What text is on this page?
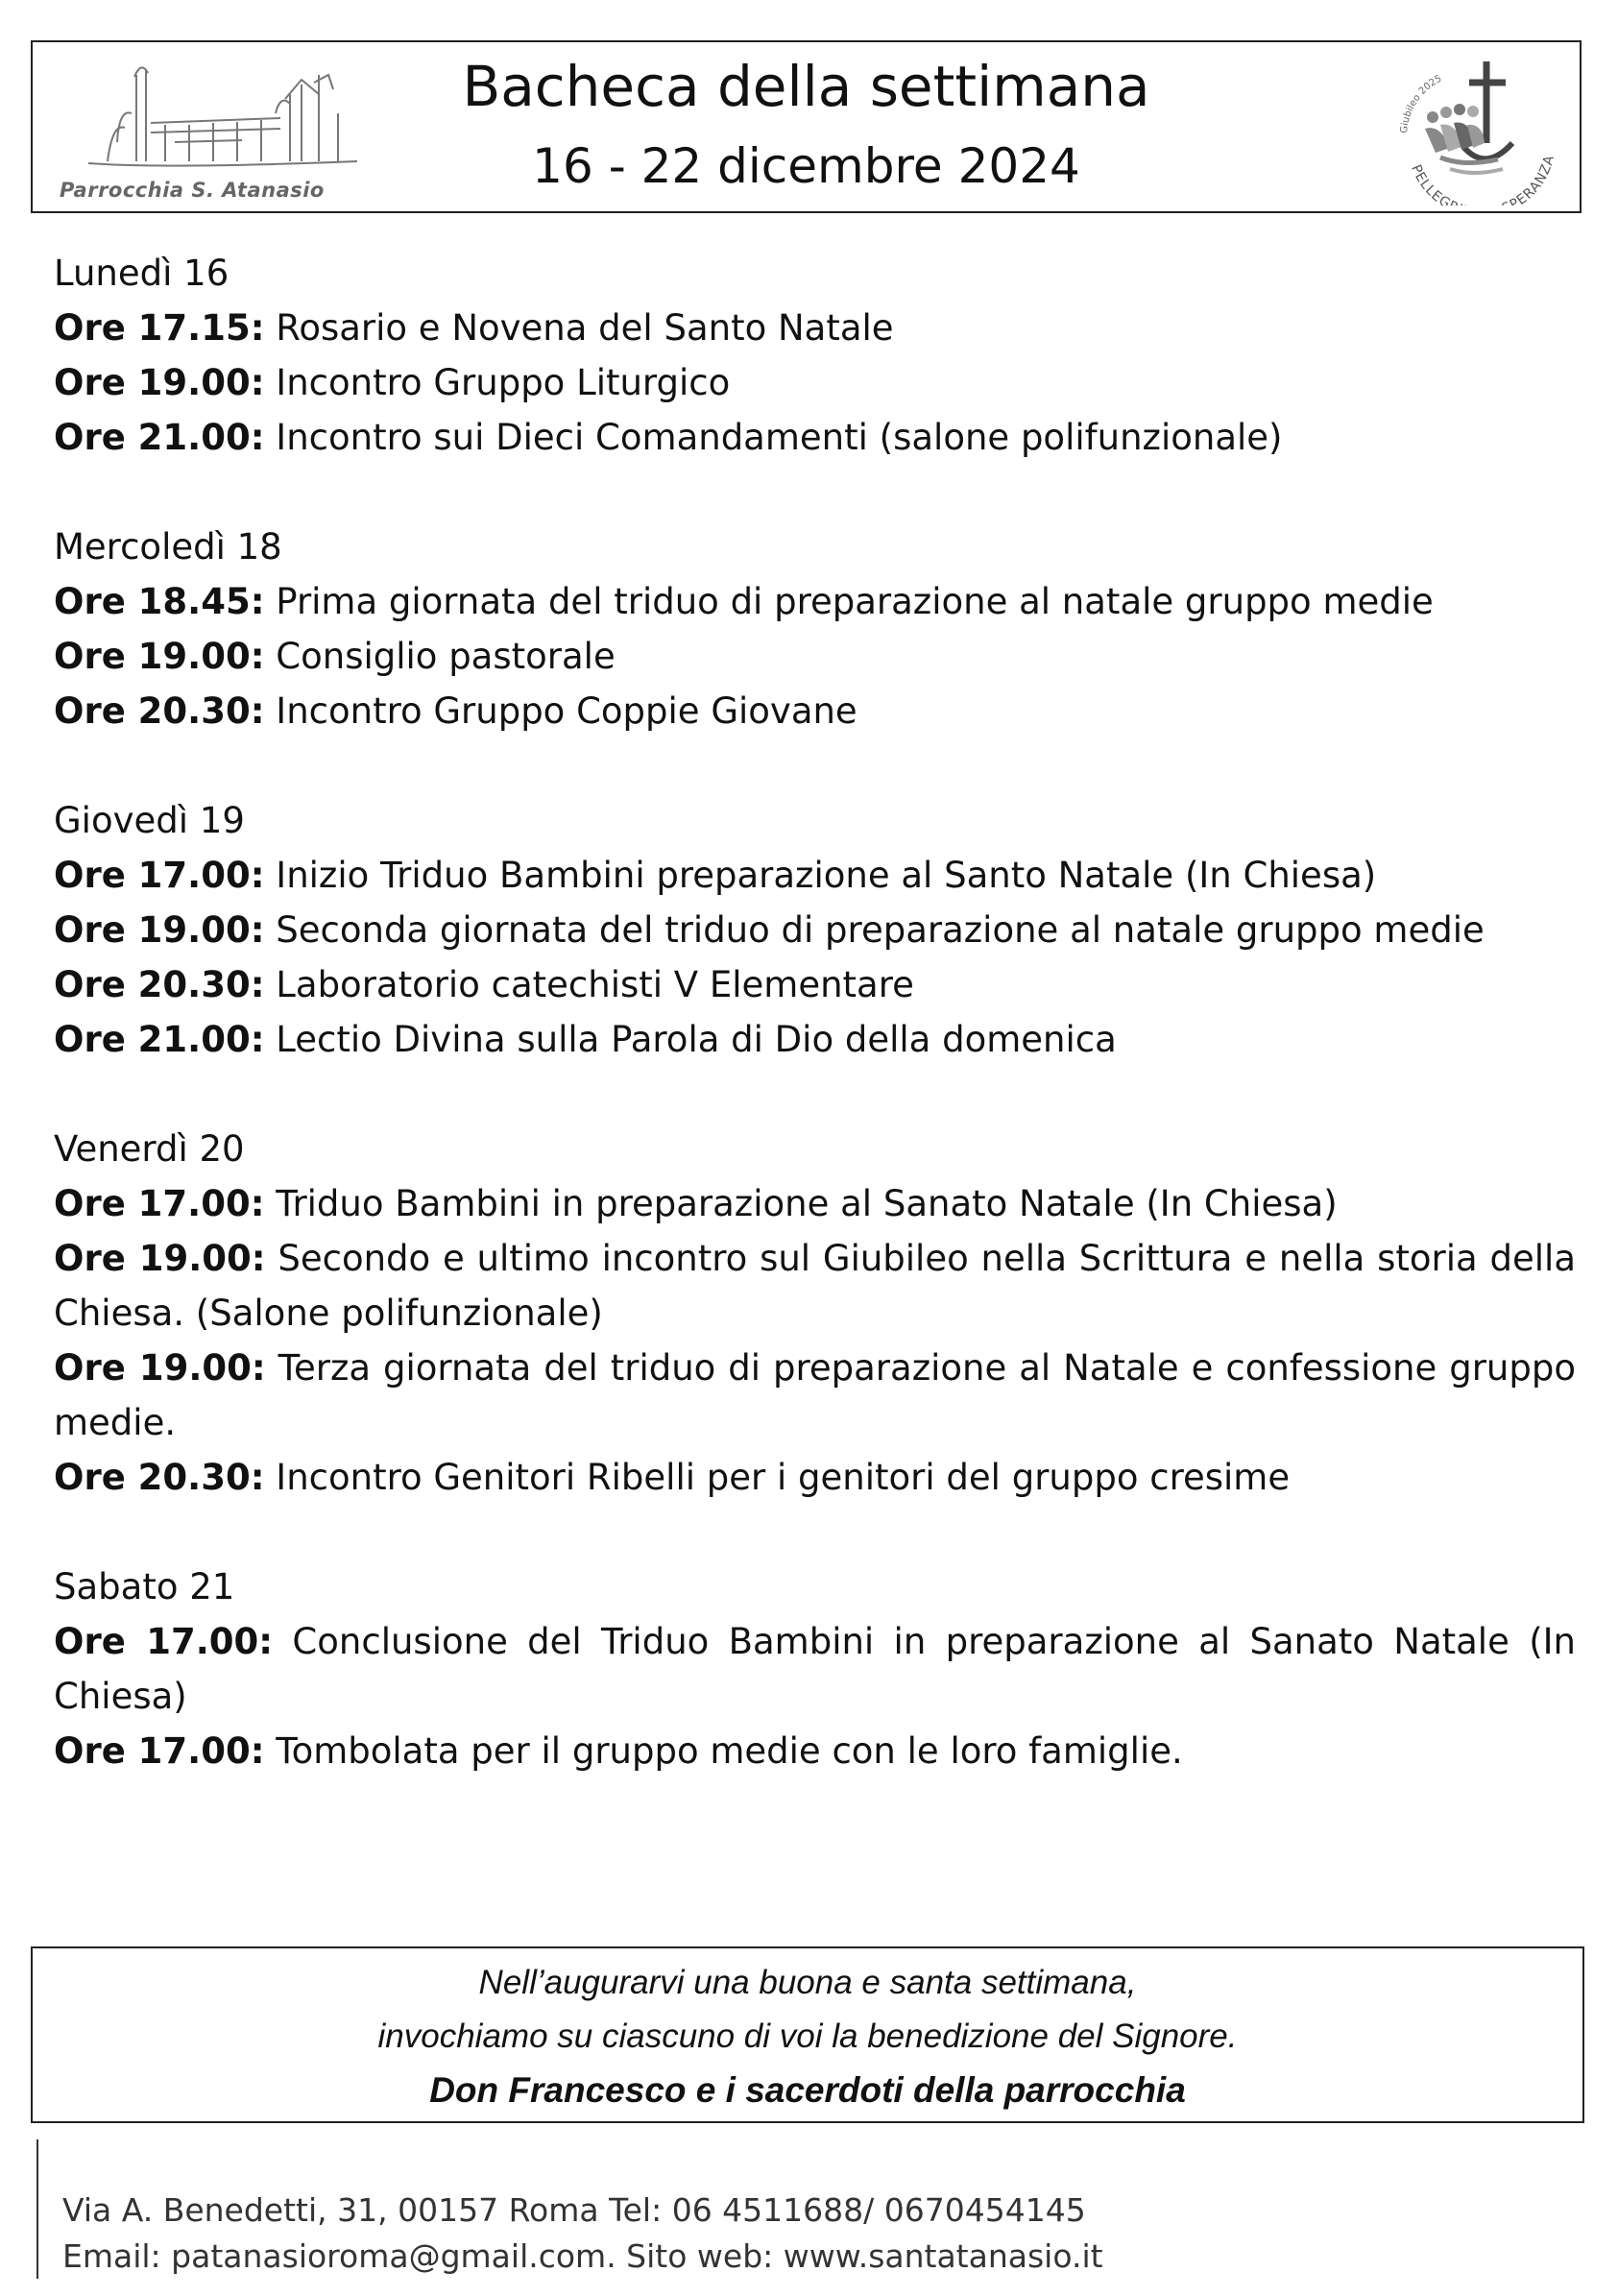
Parrocchia S. Atanasio
Bacheca della settimana
16 - 22 dicembre 2024
Giubileo 2025
PELLEG PERANZA
Lunedì 16
Ore 17.15: Rosario e Novena del Santo Natale
Ore 19.00: Incontro Gruppo Liturgico
Ore 21.00: Incontro sui Dieci Comandamenti (salone polifunzionale)
Mercoledì 18
Ore 18.45: Prima giornata del triduo di preparazione al natale gruppo medie
Ore 19.00: Consiglio pastorale
Ore 20.30: Incontro Gruppo Coppie Giovane
Giovedì 19
Ore 17.00: Inizio Triduo Bambini preparazione al Santo Natale (In Chiesa)
Ore 19.00: Seconda giornata del triduo di preparazione al natale gruppo medie
Ore 20.30: Laboratorio catechisti V Elementare
Ore 21.00: Lectio Divina sulla Parola di Dio della domenica
Venerdì 20
Ore 17.00: Triduo Bambini in preparazione al Sanato Natale (In Chiesa)
Ore 19.00: Secondo e ultimo incontro sul Giubileo nella Scrittura e nella storia della Chiesa. (Salone polifunzionale)
Ore 19.00: Terza giornata del triduo di preparazione al Natale e confessione gruppo medie.
Ore 20.30: Incontro Genitori Ribelli per i genitori del gruppo cresime
Sabato 21
Ore 17.00: Conclusione del Triduo Bambini in preparazione al Sanato Natale (In Chiesa)
Ore 17.00: Tombolata per il gruppo medie con le loro famiglie.
Nell’augurarvi una buona e santa settimana,
invochiamo su ciascuno di voi la benedizione del Signore.
Don Francesco e i sacerdoti della parrocchia
Via A. Benedetti, 31, 00157 Roma Tel: 06 4511688/ 0670454145
Email: patanasioroma@gmail.com. Sito web: www.santatanasio.it
